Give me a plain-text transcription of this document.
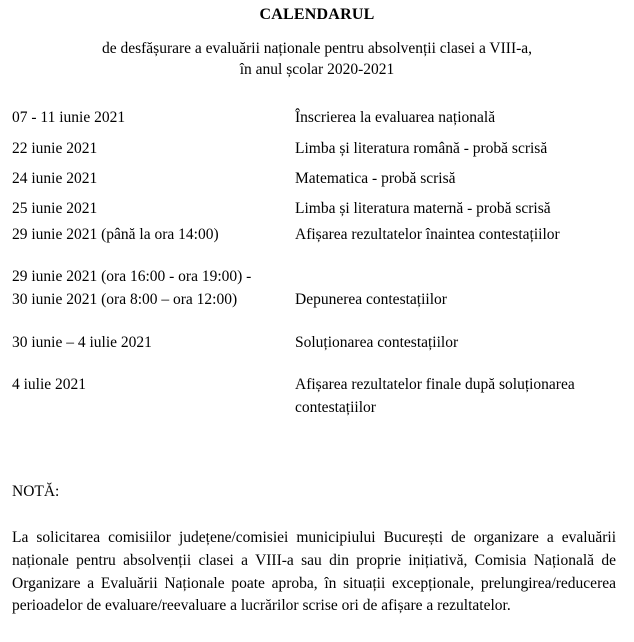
CALENDARUL
de desfășurare a evaluării naționale pentru absolvenții clasei a VIII-a,
în anul școlar 2020-2021
07 - 11 iunie 2021	Înscrierea la evaluarea națională
22 iunie 2021	Limba și literatura română - probă scrisă
24 iunie 2021	Matematica - probă scrisă
25 iunie 2021	Limba și literatura maternă - probă scrisă
29 iunie 2021 (până la ora 14:00)	Afișarea rezultatelor înaintea contestațiilor
29 iunie 2021 (ora 16:00 - ora 19:00) -
30 iunie 2021 (ora 8:00 – ora 12:00)	Depunerea contestațiilor
30 iunie – 4 iulie 2021	Soluționarea contestațiilor
4 iulie 2021	Afișarea rezultatelor finale după soluționarea
contestațiilor
NOTĂ:
La solicitarea comisiilor județene/comisiei municipiului București de organizare a evaluării naționale pentru absolvenții clasei a VIII-a sau din proprie inițiativă, Comisia Națională de Organizare a Evaluării Naționale poate aproba, în situații excepționale, prelungirea/reducerea perioadelor de evaluare/reevaluare a lucrărilor scrise ori de afișare a rezultatelor.
